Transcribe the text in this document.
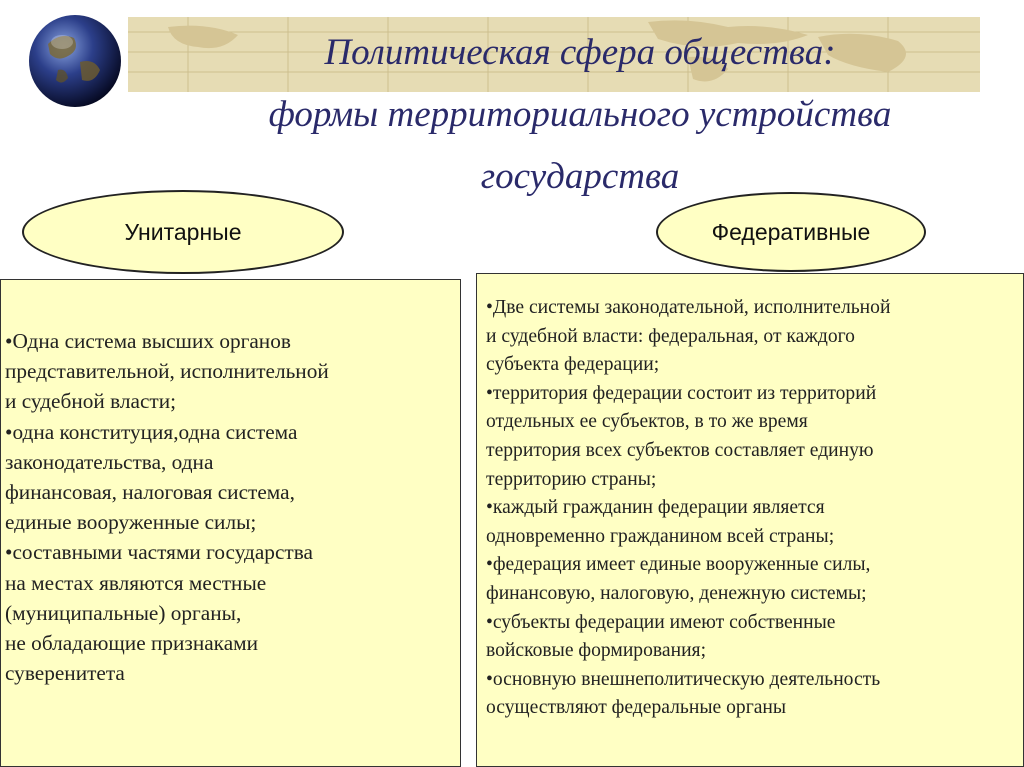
Политическая сфера общества:
формы территориального устройства
государства
Унитарные	Федеративные
•Одна система высших органов
представительной, исполнительной
и судебной власти;
•одна конституция,одна система
законодательства, одна
финансовая, налоговая система,
единые вооруженные силы;
•составными частями государства
на местах являются местные
(муниципальные) органы,
не обладающие признаками
суверенитета
•Две системы законодательной, исполнительной
и судебной власти: федеральная, от каждого
субъекта федерации;
•территория федерации состоит из территорий
отдельных ее субъектов, в то же время
территория всех субъектов составляет единую
территорию страны;
•каждый гражданин федерации является
одновременно гражданином всей страны;
•федерация имеет единые вооруженные силы,
финансовую, налоговую, денежную системы;
•субъекты федерации имеют собственные
войсковые формирования;
•основную внешнеполитическую деятельность
осуществляют федеральные органы
